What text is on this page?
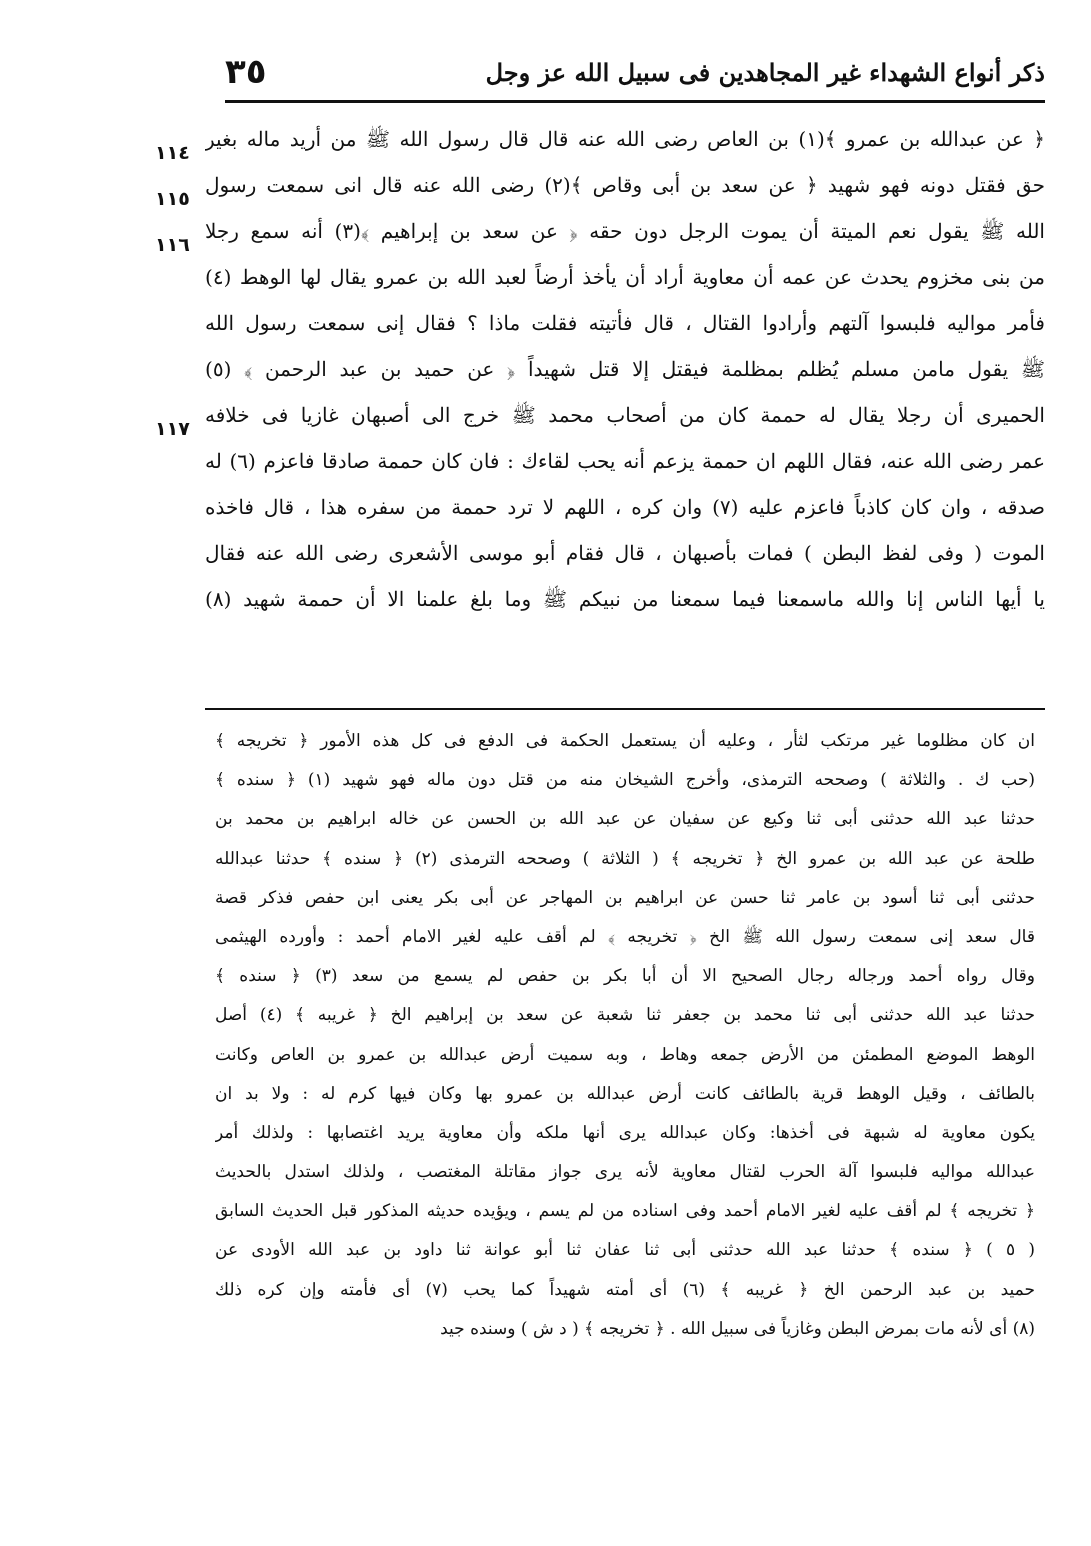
ذكر أنواع الشهداء غير المجاهدين فى سبيل الله عز وجل
٣٥
١١٤
١١٥
١١٦
١١٧
﴿ عن عبدالله بن عمرو ﴾(١) بن العاص رضى الله عنه قال قال رسول الله ﷺ من أريد ماله بغير
حق فقتل دونه فهو شهيد ﴿ عن سعد بن أبى وقاص ﴾(٢) رضى الله عنه قال انى سمعت رسول
الله ﷺ يقول نعم الميتة أن يموت الرجل دون حقه ﴿ عن سعد بن إبراهيم ﴾(٣) أنه سمع رجلا
من بنى مخزوم يحدث عن عمه أن معاوية أراد أن يأخذ أرضاً لعبد الله بن عمرو يقال لها الوهط (٤)
فأمر مواليه فلبسوا آلتهم وأرادوا القتال ، قال فأتيته فقلت ماذا ؟ فقال إنى سمعت رسول الله
ﷺ يقول مامن مسلم يُظلم بمظلمة فيقتل إلا قتل شهيداً ﴿ عن حميد بن عبد الرحمن ﴾ (٥)
الحميرى أن رجلا يقال له حممة كان من أصحاب محمد ﷺ خرج الى أصبهان غازيا فى خلافه
عمر رضى الله عنه، فقال اللهم ان حممة يزعم أنه يحب لقاءك : فان كان حممة صادقا فاعزم (٦) له
صدقه ، وان كان كاذباً فاعزم عليه (٧) وان كره ، اللهم لا ترد حممة من سفره هذا ، قال فاخذه
الموت ( وفى لفظ البطن ) فمات بأصبهان ، قال فقام أبو موسى الأشعرى رضى الله عنه فقال
يا أيها الناس إنا والله ماسمعنا فيما سمعنا من نبيكم ﷺ وما بلغ علمنا الا أن حممة شهيد (٨)
ان كان مظلوما غير مرتكب لثأر ، وعليه أن يستعمل الحكمة فى الدفع فى كل هذه الأمور ﴿ تخريجه ﴾
(حب ك . والثلاثة ) وصححه الترمذى، وأخرج الشيخان منه من قتل دون ماله فهو شهيد (١) ﴿ سنده ﴾
حدثنا عبد الله حدثنى أبى ثنا وكيع عن سفيان عن عبد الله بن الحسن عن خاله ابراهيم بن محمد بن
طلحة عن عبد الله بن عمرو الخ ﴿ تخريجه ﴾ ( الثلاثة ) وصححه الترمذى (٢) ﴿ سنده ﴾ حدثنا عبدالله
حدثنى أبى ثنا أسود بن عامر ثنا حسن عن ابراهيم بن المهاجر عن أبى بكر يعنى ابن حفص فذكر قصة
قال سعد إنى سمعت رسول الله ﷺ الخ ﴿ تخريجه ﴾ لم أقف عليه لغير الامام أحمد : وأورده الهيثمى
وقال رواه أحمد ورجاله رجال الصحيح الا أن أبا بكر بن حفص لم يسمع من سعد (٣) ﴿ سنده ﴾
حدثنا عبد الله حدثنى أبى ثنا محمد بن جعفر ثنا شعبة عن سعد بن إبراهيم الخ ﴿ غريبه ﴾ (٤) أصل
الوهط الموضع المطمئن من الأرض جمعه وهاط ، وبه سميت أرض عبدالله بن عمرو بن العاص وكانت
بالطائف ، وقيل الوهط قرية بالطائف كانت أرض عبدالله بن عمرو بها وكان فيها كرم له : ولا بد ان
يكون معاوية له شبهة فى أخذها: وكان عبدالله يرى أنها ملكه وأن معاوية يريد اغتصابها : ولذلك أمر
عبدالله مواليه فلبسوا آلة الحرب لقتال معاوية لأنه يرى جواز مقاتلة المغتصب ، ولذلك استدل بالحديث
﴿ تخريجه ﴾ لم أقف عليه لغير الامام أحمد وفى اسناده من لم يسم ، ويؤيده حديثه المذكور قبل الحديث السابق
( ٥ ) ﴿ سنده ﴾ حدثنا عبد الله حدثنى أبى ثنا عفان ثنا أبو عوانة ثنا داود بن عبد الله الأودى عن
حميد بن عبد الرحمن الخ ﴿ غريبه ﴾ (٦) أى أمته شهيداً كما يحب (٧) أى فأمته وإن كره ذلك
(٨) أى لأنه مات بمرض البطن وغازياً فى سبيل الله . ﴿ تخريجه ﴾ ( د ش ) وسنده جيد
